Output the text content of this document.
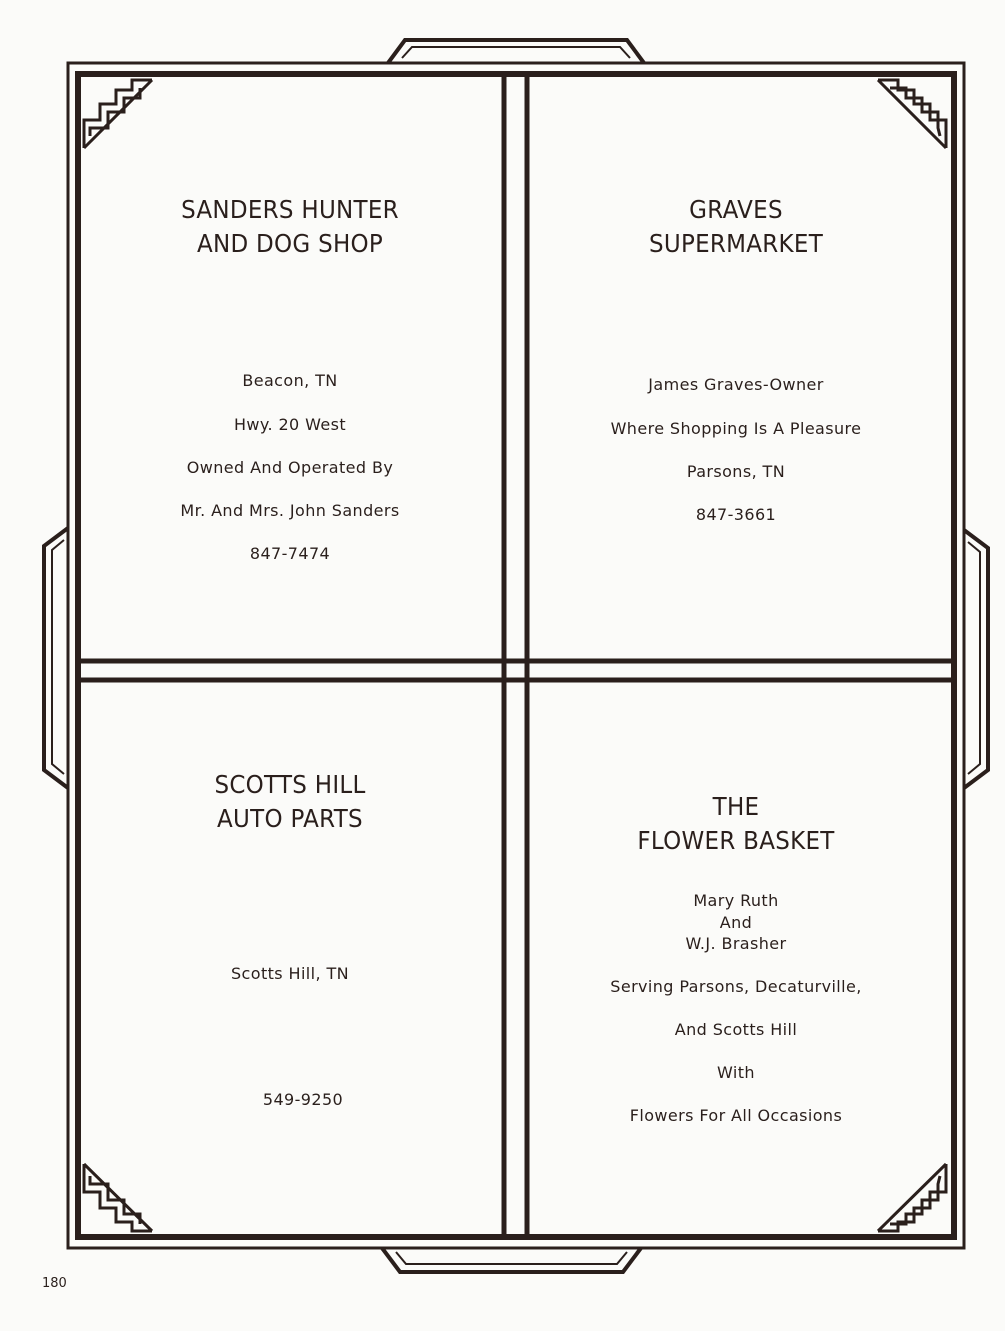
SANDERS HUNTER
AND DOG SHOP
Beacon, TN
Hwy. 20 West
Owned And Operated By
Mr. And Mrs. John Sanders
847-7474
GRAVES
SUPERMARKET
James Graves-Owner
Where Shopping Is A Pleasure
Parsons, TN
847-3661
SCOTTS HILL
AUTO PARTS
Scotts Hill, TN
549-9250
THE
FLOWER BASKET
Mary Ruth
And
W.J. Brasher
Serving Parsons, Decaturville,
And Scotts Hill
With
Flowers For All Occasions
180
